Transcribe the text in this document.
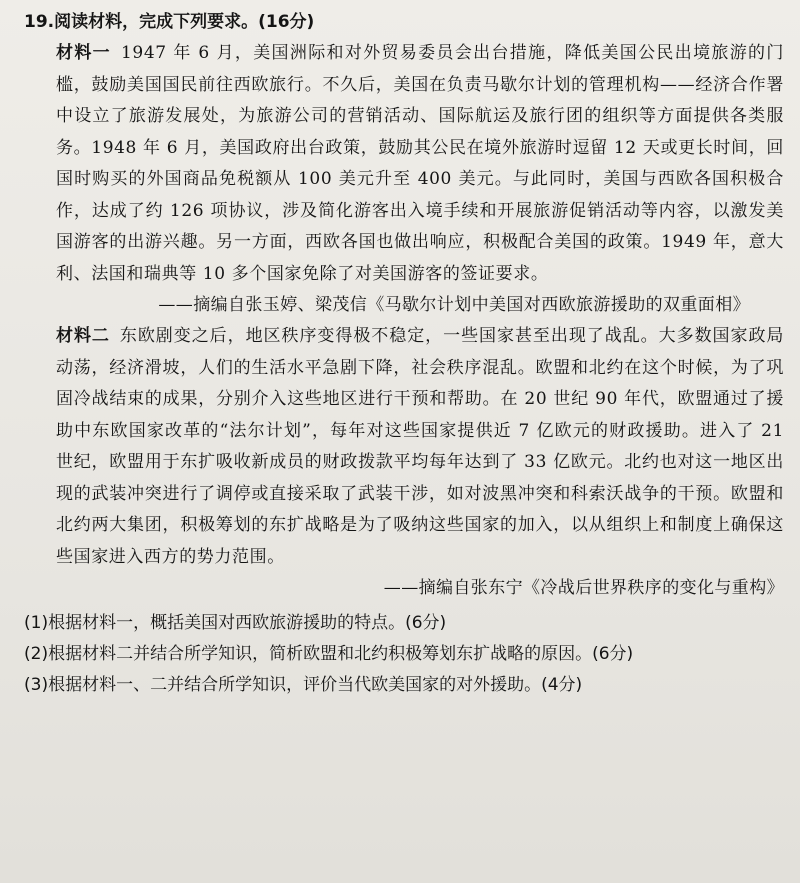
19.阅读材料，完成下列要求。(16分)

材料一 1947 年 6 月，美国洲际和对外贸易委员会出台措施，降低美国公民出境旅游的门槛，鼓励美国国民前往西欧旅行。不久后，美国在负责马歇尔计划的管理机构——经济合作署中设立了旅游发展处，为旅游公司的营销活动、国际航运及旅行团的组织等方面提供各类服务。1948 年 6 月，美国政府出台政策，鼓励其公民在境外旅游时逗留 12 天或更长时间，回国时购买的外国商品免税额从 100 美元升至 400 美元。与此同时，美国与西欧各国积极合作，达成了约 126 项协议，涉及简化游客出入境手续和开展旅游促销活动等内容，以激发美国游客的出游兴趣。另一方面，西欧各国也做出响应，积极配合美国的政策。1949 年，意大利、法国和瑞典等 10 多个国家免除了对美国游客的签证要求。

——摘编自张玉婷、梁茂信《马歇尔计划中美国对西欧旅游援助的双重面相》

材料二 东欧剧变之后，地区秩序变得极不稳定，一些国家甚至出现了战乱。大多数国家政局动荡，经济滑坡，人们的生活水平急剧下降，社会秩序混乱。欧盟和北约在这个时候，为了巩固冷战结束的成果，分别介入这些地区进行干预和帮助。在 20 世纪 90 年代，欧盟通过了援助中东欧国家改革的“法尔计划”，每年对这些国家提供近 7 亿欧元的财政援助。进入了 21 世纪，欧盟用于东扩吸收新成员的财政拨款平均每年达到了 33 亿欧元。北约也对这一地区出现的武装冲突进行了调停或直接采取了武装干涉，如对波黑冲突和科索沃战争的干预。欧盟和北约两大集团，积极筹划的东扩战略是为了吸纳这些国家的加入，以从组织上和制度上确保这些国家进入西方的势力范围。

——摘编自张东宁《冷战后世界秩序的变化与重构》

(1)根据材料一，概括美国对西欧旅游援助的特点。(6分)

(2)根据材料二并结合所学知识，简析欧盟和北约积极筹划东扩战略的原因。(6分)

(3)根据材料一、二并结合所学知识，评价当代欧美国家的对外援助。(4分)
